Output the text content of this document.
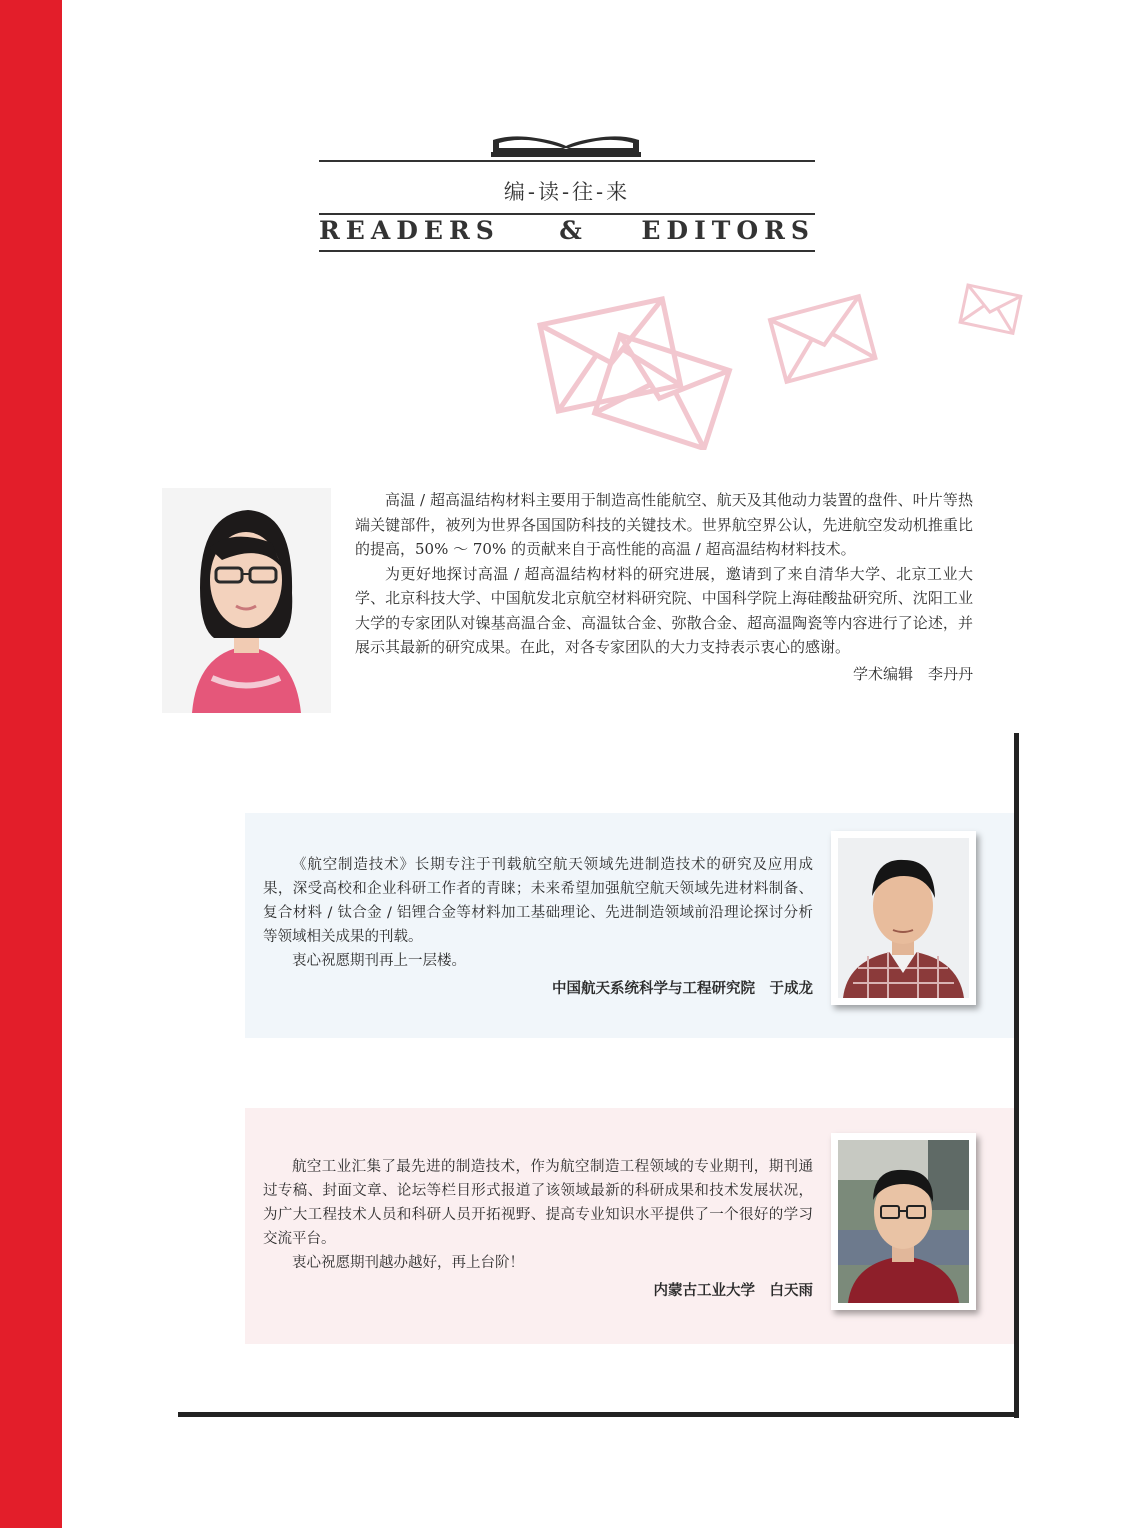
编-读-往-来
READERS & EDITORS

高温 / 超高温结构材料主要用于制造高性能航空、航天及其他动力装置的盘件、叶片等热端关键部件，被列为世界各国国防科技的关键技术。世界航空界公认，先进航空发动机推重比的提高，50% ～ 70% 的贡献来自于高性能的高温 / 超高温结构材料技术。

为更好地探讨高温 / 超高温结构材料的研究进展，邀请到了来自清华大学、北京工业大学、北京科技大学、中国航发北京航空材料研究院、中国科学院上海硅酸盐研究所、沈阳工业大学的专家团队对镍基高温合金、高温钛合金、弥散合金、超高温陶瓷等内容进行了论述，并展示其最新的研究成果。在此，对各专家团队的大力支持表示衷心的感谢。

学术编辑　李丹丹

《航空制造技术》长期专注于刊载航空航天领域先进制造技术的研究及应用成果，深受高校和企业科研工作者的青睐；未来希望加强航空航天领域先进材料制备、复合材料 / 钛合金 / 铝锂合金等材料加工基础理论、先进制造领域前沿理论探讨分析等领域相关成果的刊载。

衷心祝愿期刊再上一层楼。

中国航天系统科学与工程研究院　于成龙

航空工业汇集了最先进的制造技术，作为航空制造工程领域的专业期刊，期刊通过专稿、封面文章、论坛等栏目形式报道了该领域最新的科研成果和技术发展状况，为广大工程技术人员和科研人员开拓视野、提高专业知识水平提供了一个很好的学习交流平台。

衷心祝愿期刊越办越好，再上台阶！

内蒙古工业大学　白天雨
